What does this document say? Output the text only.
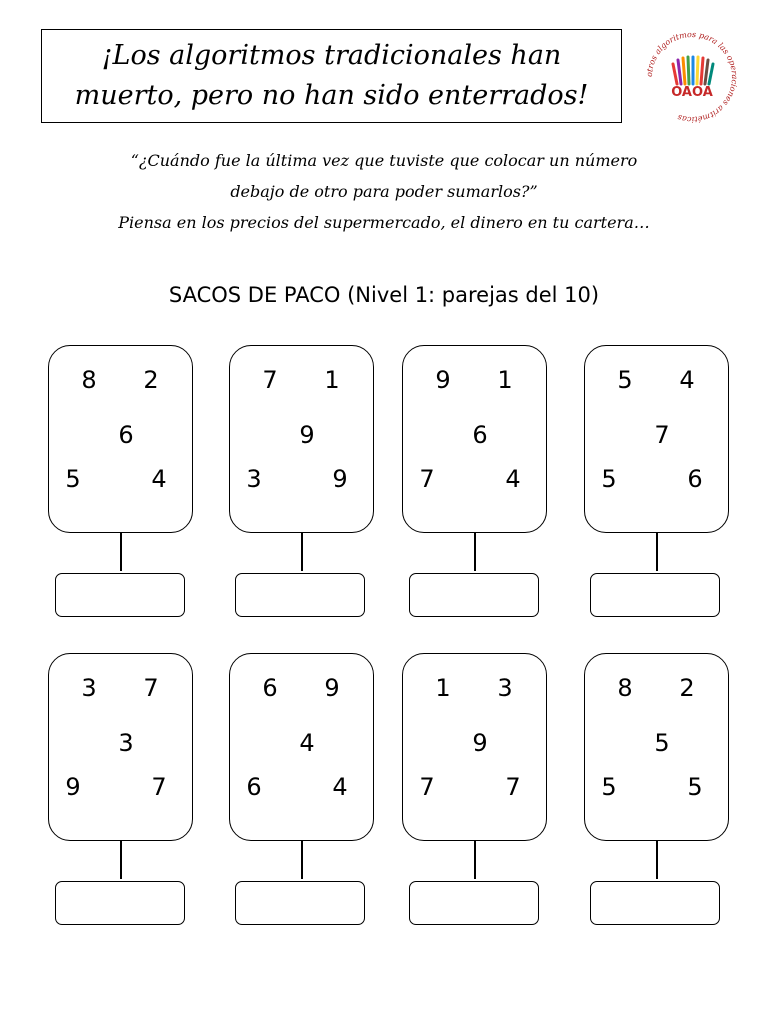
¡Los algoritmos tradicionales han
muerto, pero no han sido enterrados!
otros algoritmos para las operaciones aritméticas
OAOA
“¿Cuándo fue la última vez que tuviste que colocar un número
debajo de otro para poder sumarlos?”
Piensa en los precios del supermercado, el dinero en tu cartera…
SACOS DE PACO (Nivel 1: parejas del 10)
8 2
6
5	4
7 1
9
3	9
9 1
6
7	4
5 4
7
5	6
3 7
3
9	7
6 9
4
6	4
1 3
9
7	7
8 2
5
5	5
